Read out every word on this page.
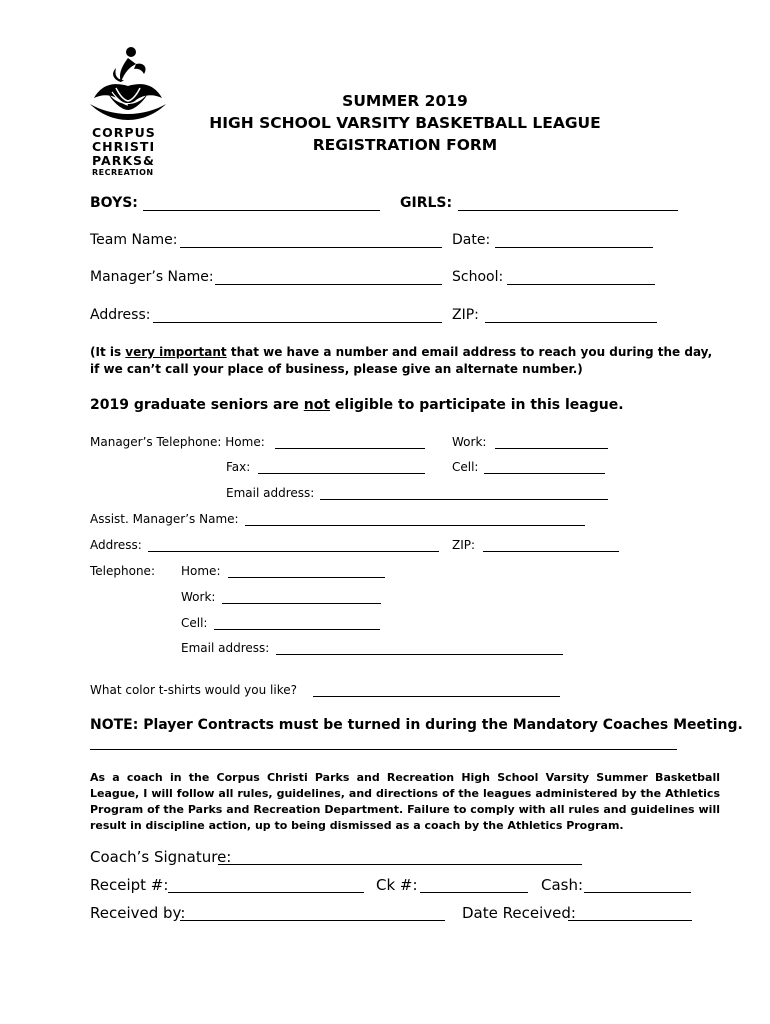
CORPUS
CHRISTI
PARKS&
RECREATION
SUMMER 2019
HIGH SCHOOL VARSITY BASKETBALL LEAGUE
REGISTRATION FORM
BOYS:	GIRLS:
Team Name:	Date:
Manager’s Name:	School:
Address:	ZIP:
(It is very important that we have a number and email address to reach you during the day, if we can’t call your place of business, please give an alternate number.)
2019 graduate seniors are not eligible to participate in this league.
Manager’s Telephone: Home:	Work:
Fax:	Cell:
Email address:
Assist. Manager’s Name:
Address:	ZIP:
Telephone: Home:
Work:
Cell:
Email address:
What color t-shirts would you like?
NOTE: Player Contracts must be turned in during the Mandatory Coaches Meeting.
As a coach in the Corpus Christi Parks and Recreation High School Varsity Summer Basketball League, I will follow all rules, guidelines, and directions of the leagues administered by the Athletics Program of the Parks and Recreation Department. Failure to comply with all rules and guidelines will result in discipline action, up to being dismissed as a coach by the Athletics Program.
Coach’s Signature:
Receipt #:	Ck #:	Cash:
Received by:	Date Received:
